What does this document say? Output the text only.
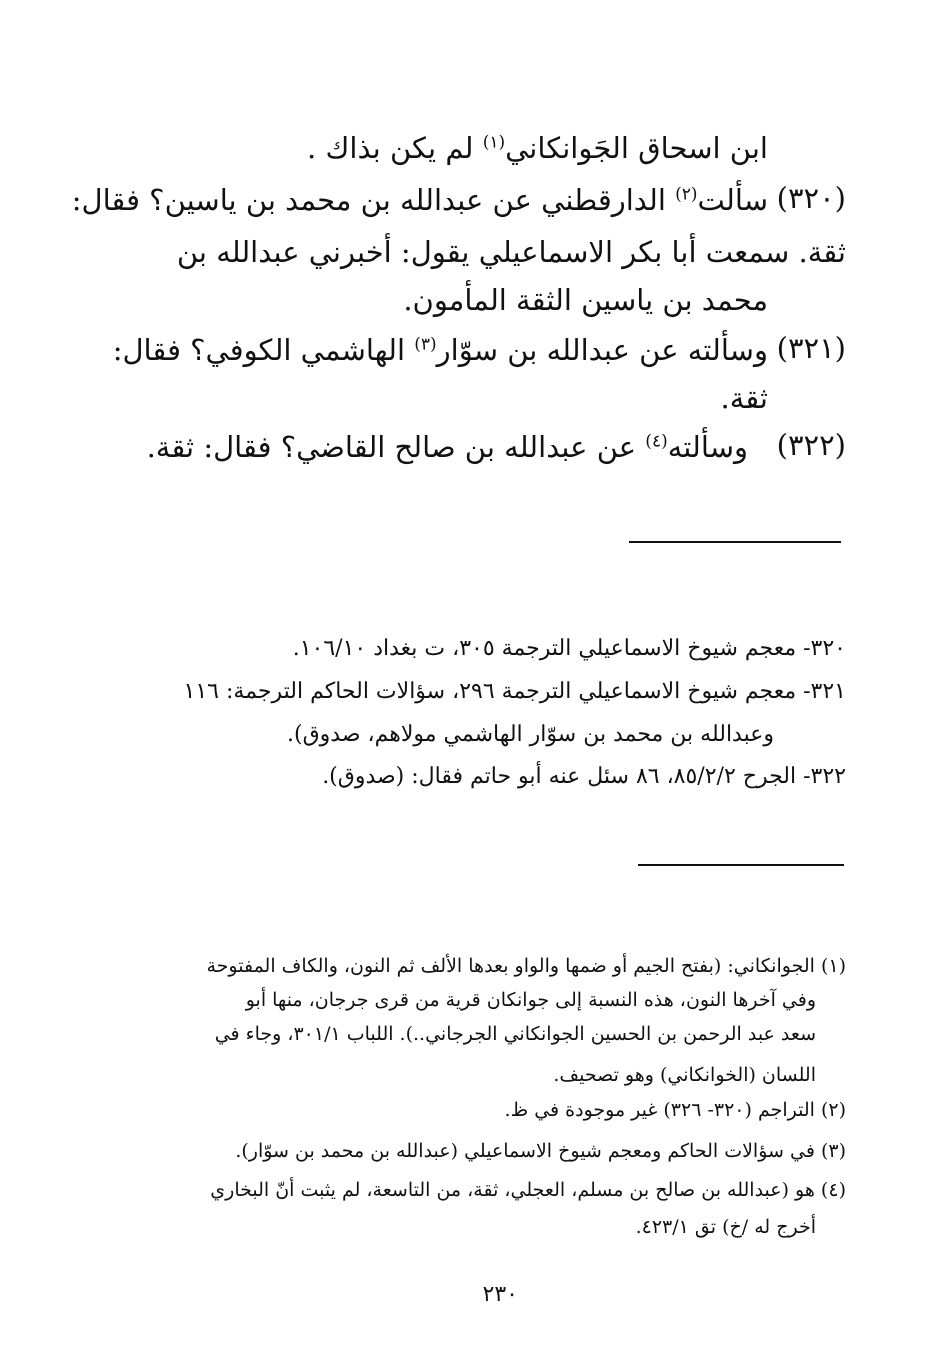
ابن اسحاق الجَوانكاني$^{(١)}$ لم يكن بذاك .
(٣٢٠)
سألت$^{(٢)}$ الدارقطني عن عبدالله بن محمد بن ياسين؟ فقال:
ثقة. سمعت أبا بكر الاسماعيلي يقول: أخبرني عبدالله بن
محمد بن ياسين الثقة المأمون.
(٣٢١)
وسألته عن عبدالله بن سوّار$^{(٣)}$ الهاشمي الكوفي؟ فقال:
ثقة.
(٣٢٢)
وسألته$^{(٤)}$ عن عبدالله بن صالح القاضي؟ فقال: ثقة.
٣٢٠- معجم شيوخ الاسماعيلي الترجمة ٣٠٥، ت بغداد ١٠٦/١٠.
٣٢١- معجم شيوخ الاسماعيلي الترجمة ٢٩٦، سؤالات الحاكم الترجمة: ١١٦
وعبدالله بن محمد بن سوّار الهاشمي مولاهم، صدوق).
٣٢٢- الجرح ٨٥/٢/٢، ٨٦ سئل عنه أبو حاتم فقال: (صدوق).
(١) الجوانكاني: (بفتح الجيم أو ضمها والواو بعدها الألف ثم النون، والكاف المفتوحة
وفي آخرها النون، هذه النسبة إلى جوانكان قرية من قرى جرجان، منها أبو
سعد عبد الرحمن بن الحسين الجوانكاني الجرجاني..). اللباب ٣٠١/١، وجاء في
اللسان (الخوانكاني) وهو تصحيف.
(٢) التراجم (٣٢٠- ٣٢٦) غير موجودة في ظ.
(٣) في سؤالات الحاكم ومعجم شيوخ الاسماعيلي (عبدالله بن محمد بن سوّار).
(٤) هو (عبدالله بن صالح بن مسلم، العجلي، ثقة، من التاسعة، لم يثبت أنّ البخاري
أخرج له /خ) تق ٤٢٣/١.
٢٣٠
